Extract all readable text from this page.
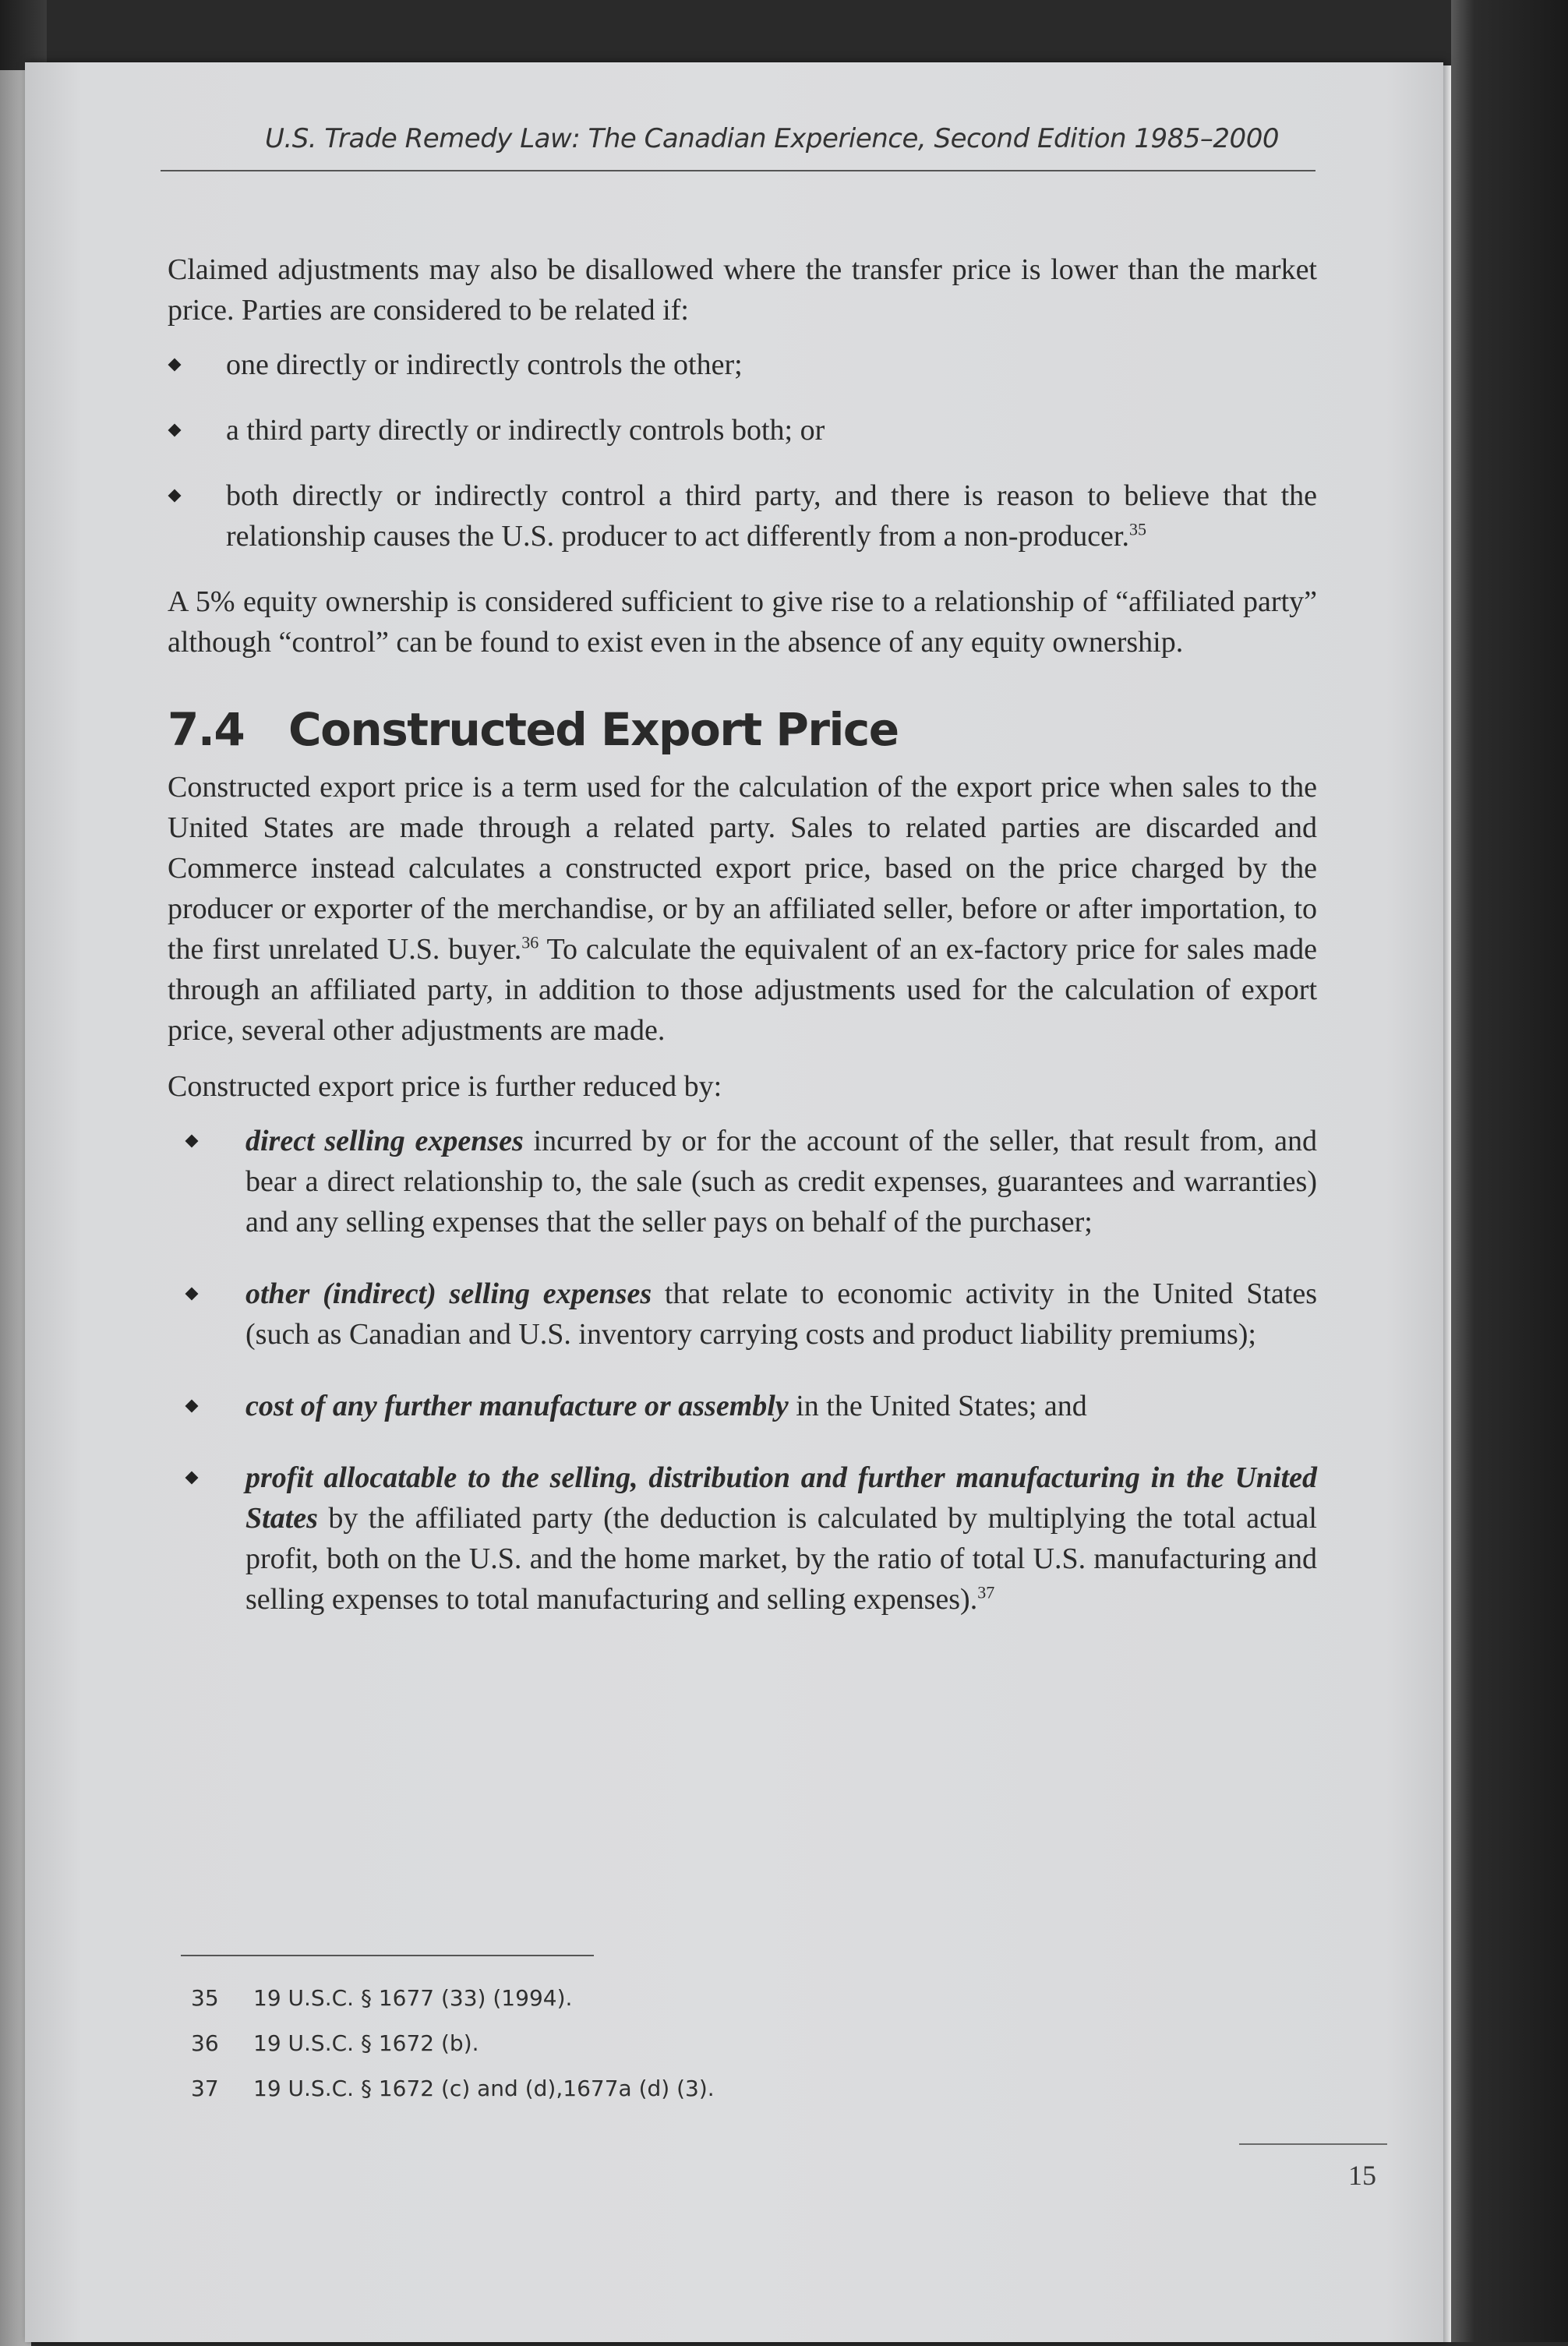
U.S. Trade Remedy Law: The Canadian Experience, Second Edition 1985–2000

Claimed adjustments may also be disallowed where the transfer price is lower than the market price. Parties are considered to be related if:

one directly or indirectly controls the other;
a third party directly or indirectly controls both; or
both directly or indirectly control a third party, and there is reason to believe that the relationship causes the U.S. producer to act differently from a non-producer.$^{35}$

A 5% equity ownership is considered sufficient to give rise to a relationship of “affiliated party” although “control” can be found to exist even in the absence of any equity ownership.

7.4 Constructed Export Price

Constructed export price is a term used for the calculation of the export price when sales to the United States are made through a related party. Sales to related parties are discarded and Commerce instead calculates a constructed export price, based on the price charged by the producer or exporter of the merchandise, or by an affiliated seller, before or after importation, to the first unrelated U.S. buyer.$^{36}$ To calculate the equivalent of an ex-factory price for sales made through an affiliated party, in addition to those adjustments used for the calculation of export price, several other adjustments are made.

Constructed export price is further reduced by:

direct selling expenses incurred by or for the account of the seller, that result from, and bear a direct relationship to, the sale (such as credit expenses, guarantees and warranties) and any selling expenses that the seller pays on behalf of the purchaser;
other (indirect) selling expenses that relate to economic activity in the United States (such as Canadian and U.S. inventory carrying costs and product liability premiums);
cost of any further manufacture or assembly in the United States; and
profit allocatable to the selling, distribution and further manufacturing in the United States by the affiliated party (the deduction is calculated by multiplying the total actual profit, both on the U.S. and the home market, by the ratio of total U.S. manufacturing and selling expenses to total manufacturing and selling expenses).$^{37}$
35	19 U.S.C. § 1677 (33) (1994).
36	19 U.S.C. § 1672 (b).
37	19 U.S.C. § 1672 (c) and (d),1677a (d) (3).
15
